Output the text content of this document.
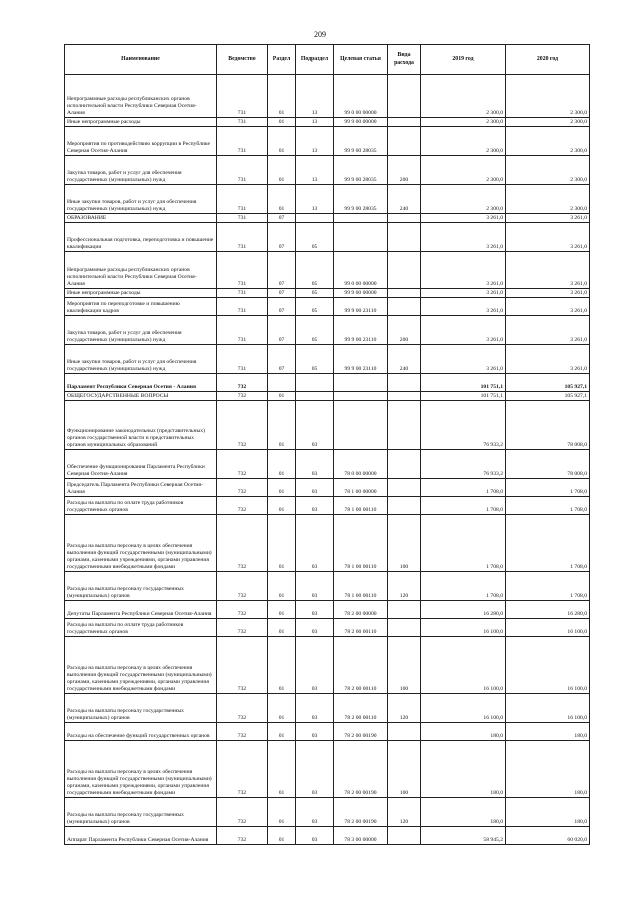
209
Наименование	Ведомство	Раздел	Подраздел	Целевая статья	Вида расхода	2019 год	2020 год
Непрограммные расходы республиканских органов исполнительной власти Республики Северная Осетия-Алания	731	01	13	99 0 00 00000		2 300,0	2 300,0
Иные непрограммные расходы	731	01	13	99 9 00 00000		2 300,0	2 300,0
Мероприятия по противодействию коррупции в Республике Северная Осетия-Алания	731	01	13	99 9 00 28035		2 300,0	2 300,0
Закупка товаров, работ и услуг для обеспечения государственных (муниципальных) нужд	731	01	13	99 9 00 28035	200	2 300,0	2 300,0
Иные закупки товаров, работ и услуг для обеспечения государственных (муниципальных) нужд	731	01	13	99 9 00 28035	240	2 300,0	2 300,0
ОБРАЗОВАНИЕ	731	07				3 261,0	3 261,0
Профессиональная подготовка, переподготовка и повышение квалификации	731	07	05			3 261,0	3 261,0
Непрограммные расходы республиканских органов исполнительной власти Республики Северная Осетия-Алания	731	07	05	99 0 00 00000		3 261,0	3 261,0
Иные непрограммные расходы	731	07	05	99 9 00 00000		3 261,0	3 261,0
Мероприятия по переподготовке и повышению квалификации кадров	731	07	05	99 9 00 23110		3 261,0	3 261,0
Закупка товаров, работ и услуг для обеспечения государственных (муниципальных) нужд	731	07	05	99 9 00 23110	200	3 261,0	3 261,0
Иные закупки товаров, работ и услуг для обеспечения государственных (муниципальных) нужд	731	07	05	99 9 00 23110	240	3 261,0	3 261,0
Парламент Республики Северная Осетия - Алания	732					101 751,1	105 927,1
ОБЩЕГОСУДАРСТВЕННЫЕ ВОПРОСЫ	732	01				101 751,1	105 927,1
Функционирование законодательных (представительных) органов государственной власти и представительных органов муниципальных образований	732	01	03			76 933,2	78 008,0
Обеспечение функционирования Парламента Республики Северная Осетия-Алания	732	01	03	78 0 00 00000		76 933,2	78 008,0
Председатель Парламента Республики Северная Осетия-Алания	732	01	03	78 1 00 00000		1 708,0	1 708,0
Расходы на выплаты по оплате труда работников государственных органов	732	01	03	78 1 00 00110		1 708,0	1 708,0
Расходы на выплаты персоналу в целях обеспечения выполнения функций государственными (муниципальными) органами, казенными учреждениями, органами управления государственными внебюджетными фондами	732	01	03	78 1 00 00110	100	1 708,0	1 708,0
Расходы на выплаты персоналу государственных (муниципальных) органов	732	01	03	78 1 00 00110	120	1 708,0	1 708,0
Депутаты Парламента Республики Северная Осетия-Алания	732	01	03	78 2 00 00000		16 280,0	16 280,0
Расходы на выплаты по оплате труда работников государственных органов	732	01	03	78 2 00 00110		16 100,0	16 100,0
Расходы на выплаты персоналу в целях обеспечения выполнения функций государственными (муниципальными) органами, казенными учреждениями, органами управления государственными внебюджетными фондами	732	01	03	78 2 00 00110	100	16 100,0	16 100,0
Расходы на выплаты персоналу государственных (муниципальных) органов	732	01	03	78 2 00 00110	120	16 100,0	16 100,0
Расходы на обеспечение функций государственных органов	732	01	03	78 2 00 00190		180,0	180,0
Расходы на выплаты персоналу в целях обеспечения выполнения функций государственными (муниципальными) органами, казенными учреждениями, органами управления государственными внебюджетными фондами	732	01	03	78 2 00 00190	100	180,0	180,0
Расходы на выплаты персоналу государственных (муниципальных) органов	732	01	03	78 2 00 00190	120	180,0	180,0
Аппарат Парламента Республики Северная Осетия-Алания	732	01	03	78 3 00 00000		58 945,2	60 020,0
